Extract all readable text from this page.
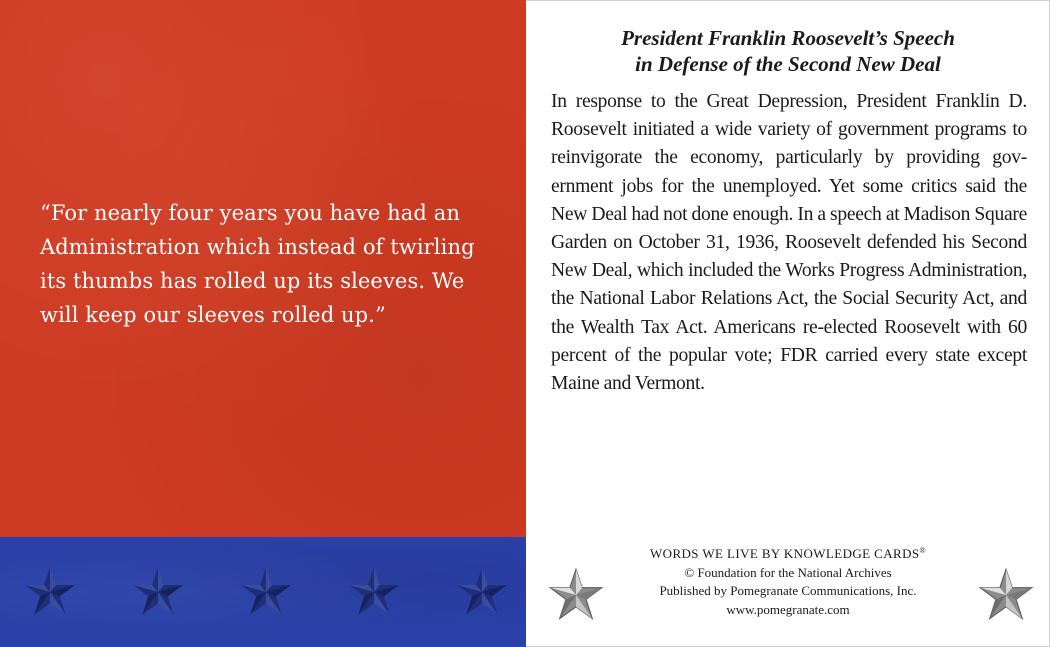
“For nearly four years you have had an Administration which instead of twirling its thumbs has rolled up its sleeves. We will keep our sleeves rolled up.”

President Franklin Roosevelt’s Speech
in Defense of the Second New Deal

In response to the Great Depression, President Franklin D. Roosevelt initiated a wide variety of government programs to reinvigorate the economy, particularly by providing gov-ernment jobs for the unemployed. Yet some critics said the New Deal had not done enough. In a speech at Madison Square Garden on October 31, 1936, Roosevelt defended his Second New Deal, which included the Works Progress Administration, the National Labor Relations Act, the Social Security Act, and the Wealth Tax Act. Americans re-elected Roosevelt with 60 percent of the popular vote; FDR carried every state except Maine and Vermont.

WORDS WE LIVE BY KNOWLEDGE CARDS®
© Foundation for the National Archives
Published by Pomegranate Communications, Inc.
www.pomegranate.com
